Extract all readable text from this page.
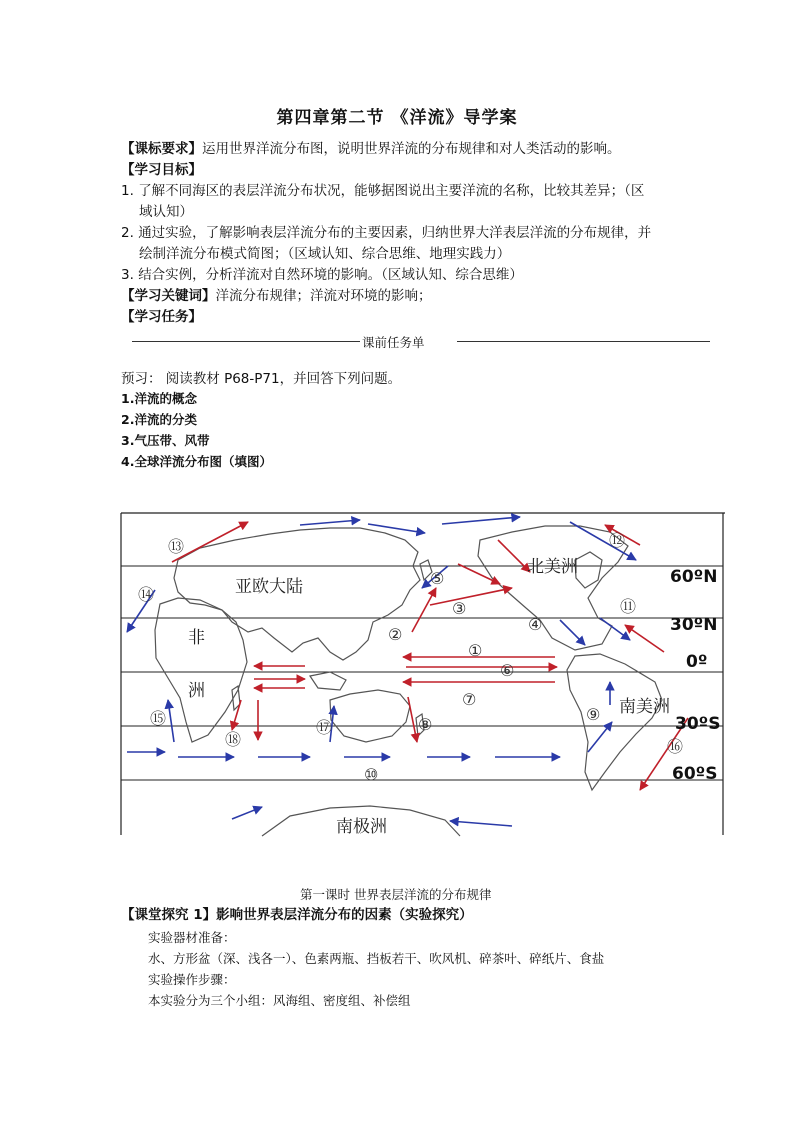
第四章第二节 《洋流》导学案
【课标要求】运用世界洋流分布图，说明世界洋流的分布规律和对人类活动的影响。
【学习目标】
1. 了解不同海区的表层洋流分布状况，能够据图说出主要洋流的名称，比较其差异；（区
域认知）
2. 通过实验，了解影响表层洋流分布的主要因素，归纳世界大洋表层洋流的分布规律，并
绘制洋流分布模式简图；（区域认知、综合思维、地理实践力）
3. 结合实例，分析洋流对自然环境的影响。（区域认知、综合思维）
【学习关键词】洋流分布规律；洋流对环境的影响；
【学习任务】
课前任务单
预习： 阅读教材 P68-P71，并回答下列问题。
1.洋流的概念
2.洋流的分类
3.气压带、风带
4.全球洋流分布图（填图）
亚欧大陆
非
洲
北美洲
南美洲
南极洲
60ºN
30ºN
0º
30ºS
60ºS
①
②
③
④
⑤
⑥
⑦
⑧
⑨
⑩
⑪
⑫
⑬
⑭
⑮
⑯
⑰
⑱
第一课时 世界表层洋流的分布规律
【课堂探究 1】影响世界表层洋流分布的因素（实验探究）
实验器材准备：
水、方形盆（深、浅各一）、色素两瓶、挡板若干、吹风机、碎茶叶、碎纸片、食盐
实验操作步骤：
本实验分为三个小组：风海组、密度组、补偿组
